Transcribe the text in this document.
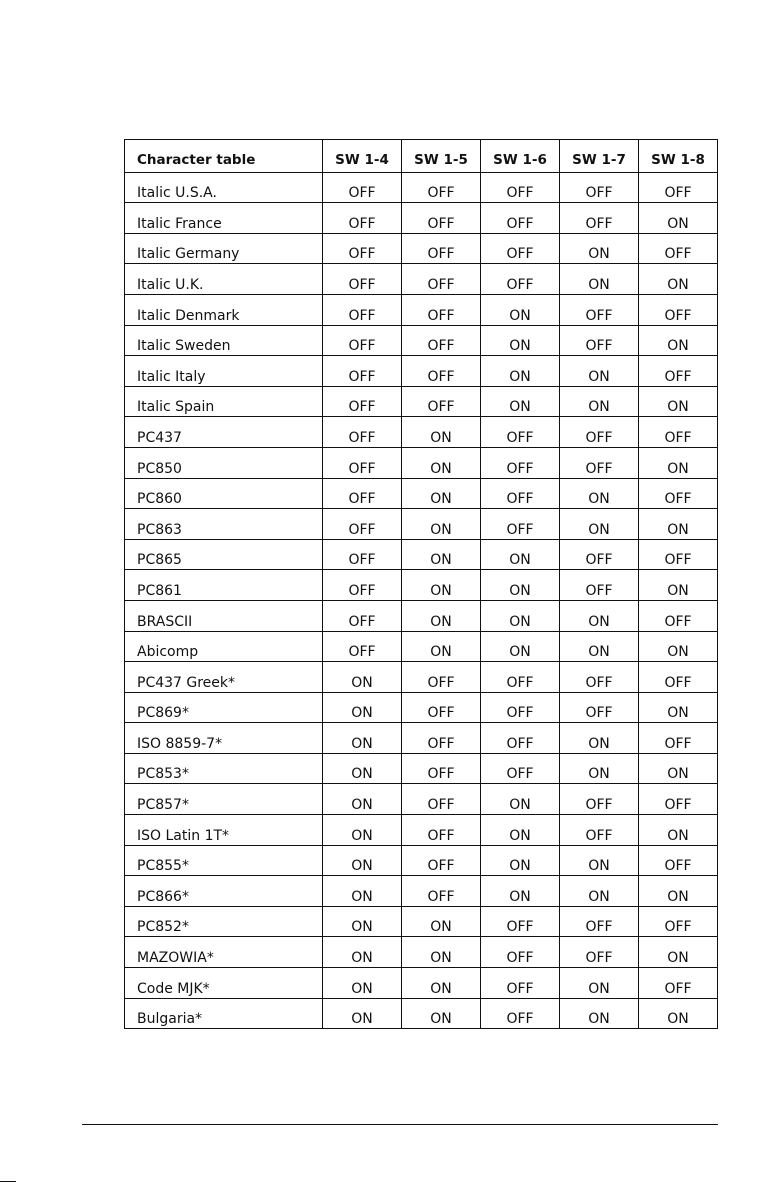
Character table	SW 1-4	SW 1-5	SW 1-6	SW 1-7	SW 1-8
Italic U.S.A.	OFF	OFF	OFF	OFF	OFF
Italic France	OFF	OFF	OFF	OFF	ON
Italic Germany	OFF	OFF	OFF	ON	OFF
Italic U.K.	OFF	OFF	OFF	ON	ON
Italic Denmark	OFF	OFF	ON	OFF	OFF
Italic Sweden	OFF	OFF	ON	OFF	ON
Italic Italy	OFF	OFF	ON	ON	OFF
Italic Spain	OFF	OFF	ON	ON	ON
PC437	OFF	ON	OFF	OFF	OFF
PC850	OFF	ON	OFF	OFF	ON
PC860	OFF	ON	OFF	ON	OFF
PC863	OFF	ON	OFF	ON	ON
PC865	OFF	ON	ON	OFF	OFF
PC861	OFF	ON	ON	OFF	ON
BRASCII	OFF	ON	ON	ON	OFF
Abicomp	OFF	ON	ON	ON	ON
PC437 Greek*	ON	OFF	OFF	OFF	OFF
PC869*	ON	OFF	OFF	OFF	ON
ISO 8859-7*	ON	OFF	OFF	ON	OFF
PC853*	ON	OFF	OFF	ON	ON
PC857*	ON	OFF	ON	OFF	OFF
ISO Latin 1T*	ON	OFF	ON	OFF	ON
PC855*	ON	OFF	ON	ON	OFF
PC866*	ON	OFF	ON	ON	ON
PC852*	ON	ON	OFF	OFF	OFF
MAZOWIA*	ON	ON	OFF	OFF	ON
Code MJK*	ON	ON	OFF	ON	OFF
Bulgaria*	ON	ON	OFF	ON	ON
